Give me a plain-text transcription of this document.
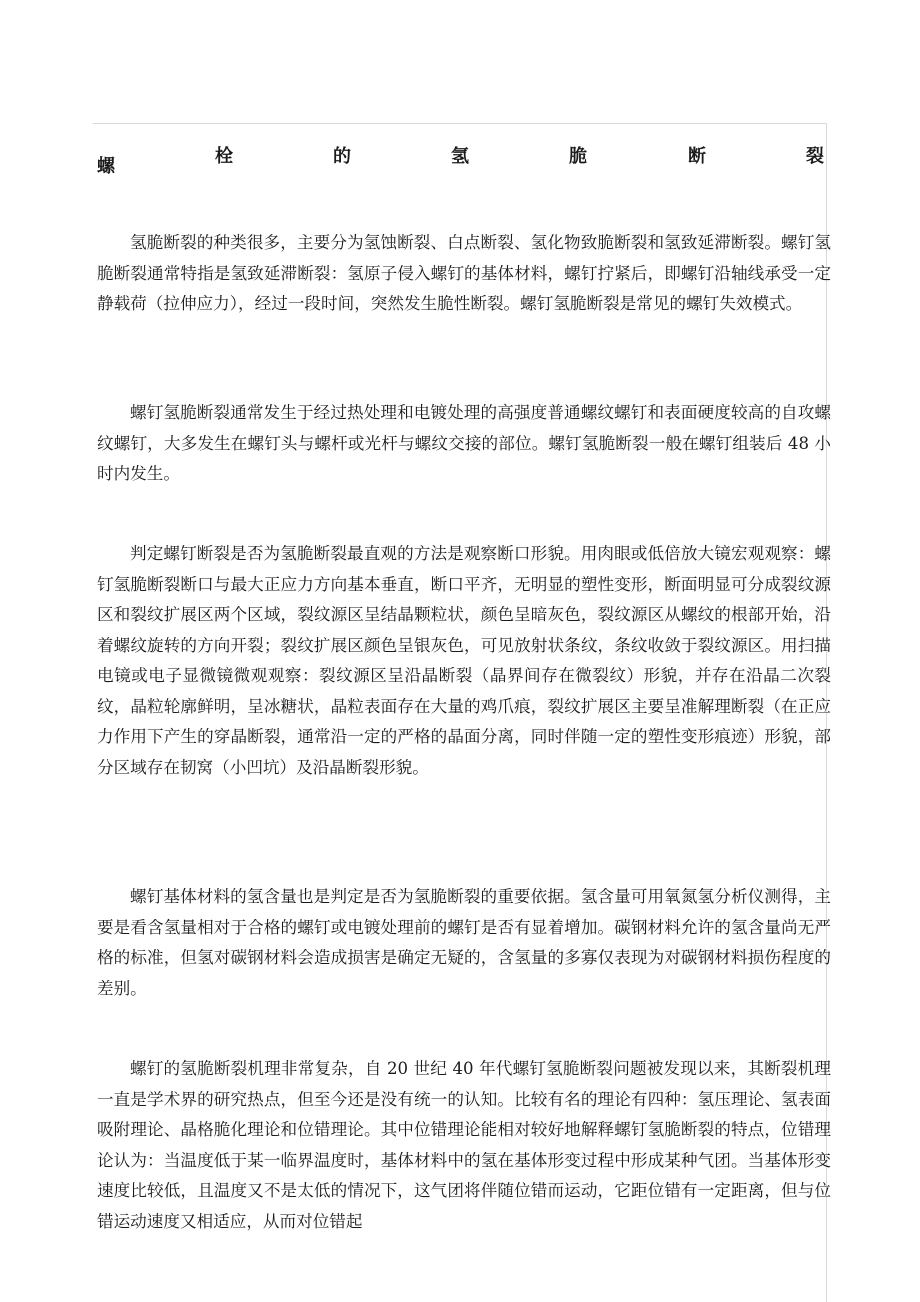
螺	栓	的	氢	脆	断	裂

氢脆断裂的种类很多，主要分为氢蚀断裂、白点断裂、氢化物致脆断裂和氢致延滞断裂。螺钉氢脆断裂通常特指是氢致延滞断裂：氢原子侵入螺钉的基体材料，螺钉拧紧后，即螺钉沿轴线承受一定静载荷（拉伸应力），经过一段时间，突然发生脆性断裂。螺钉氢脆断裂是常见的螺钉失效模式。

螺钉氢脆断裂通常发生于经过热处理和电镀处理的高强度普通螺纹螺钉和表面硬度较高的自攻螺纹螺钉，大多发生在螺钉头与螺杆或光杆与螺纹交接的部位。螺钉氢脆断裂一般在螺钉组装后 48 小时内发生。

判定螺钉断裂是否为氢脆断裂最直观的方法是观察断口形貌。用肉眼或低倍放大镜宏观观察：螺钉氢脆断裂断口与最大正应力方向基本垂直，断口平齐，无明显的塑性变形，断面明显可分成裂纹源区和裂纹扩展区两个区域，裂纹源区呈结晶颗粒状，颜色呈暗灰色，裂纹源区从螺纹的根部开始，沿着螺纹旋转的方向开裂；裂纹扩展区颜色呈银灰色，可见放射状条纹，条纹收敛于裂纹源区。用扫描电镜或电子显微镜微观观察：裂纹源区呈沿晶断裂（晶界间存在微裂纹）形貌，并存在沿晶二次裂纹，晶粒轮廓鲜明，呈冰糖状，晶粒表面存在大量的鸡爪痕，裂纹扩展区主要呈准解理断裂（在正应力作用下产生的穿晶断裂，通常沿一定的严格的晶面分离，同时伴随一定的塑性变形痕迹）形貌，部分区域存在韧窝（小凹坑）及沿晶断裂形貌。

螺钉基体材料的氢含量也是判定是否为氢脆断裂的重要依据。氢含量可用氧氮氢分析仪测得，主要是看含氢量相对于合格的螺钉或电镀处理前的螺钉是否有显着增加。碳钢材料允许的氢含量尚无严格的标准，但氢对碳钢材料会造成损害是确定无疑的，含氢量的多寡仅表现为对碳钢材料损伤程度的差别。

螺钉的氢脆断裂机理非常复杂，自 20 世纪 40 年代螺钉氢脆断裂问题被发现以来，其断裂机理一直是学术界的研究热点，但至今还是没有统一的认知。比较有名的理论有四种：氢压理论、氢表面吸附理论、晶格脆化理论和位错理论。其中位错理论能相对较好地解释螺钉氢脆断裂的特点，位错理论认为：当温度低于某一临界温度时，基体材料中的氢在基体形变过程中形成某种气团。当基体形变速度比较低，且温度又不是太低的情况下，这气团将伴随位错而运动，它距位错有一定距离，但与位错运动速度又相适应，从而对位错起
